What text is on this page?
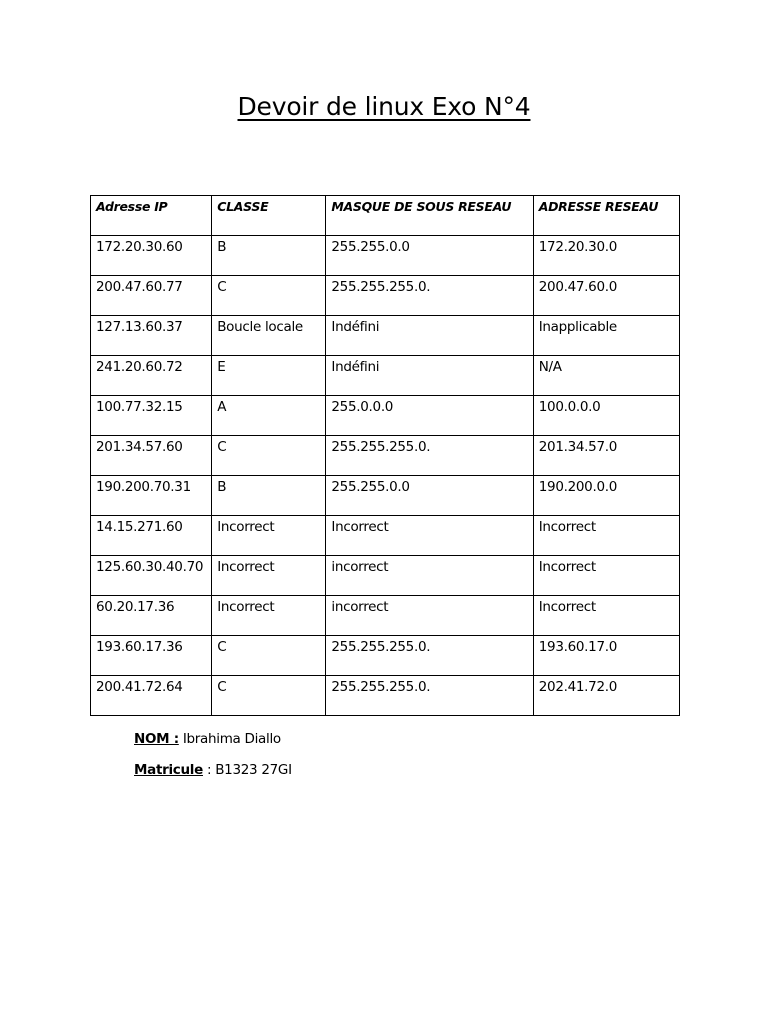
Devoir de linux Exo N°4
Adresse IP	CLASSE	MASQUE DE SOUS RESEAU	ADRESSE RESEAU
172.20.30.60	B	255.255.0.0	172.20.30.0
200.47.60.77	C	255.255.255.0.	200.47.60.0
127.13.60.37	Boucle locale	Indéfini	Inapplicable
241.20.60.72	E	Indéfini	N/A
100.77.32.15	A	255.0.0.0	100.0.0.0
201.34.57.60	C	255.255.255.0.	201.34.57.0
190.200.70.31	B	255.255.0.0	190.200.0.0
14.15.271.60	Incorrect	Incorrect	Incorrect
125.60.30.40.70	Incorrect	incorrect	Incorrect
60.20.17.36	Incorrect	incorrect	Incorrect
193.60.17.36	C	255.255.255.0.	193.60.17.0
200.41.72.64	C	255.255.255.0.	202.41.72.0
NOM : Ibrahima Diallo
Matricule : B1323 27GI
